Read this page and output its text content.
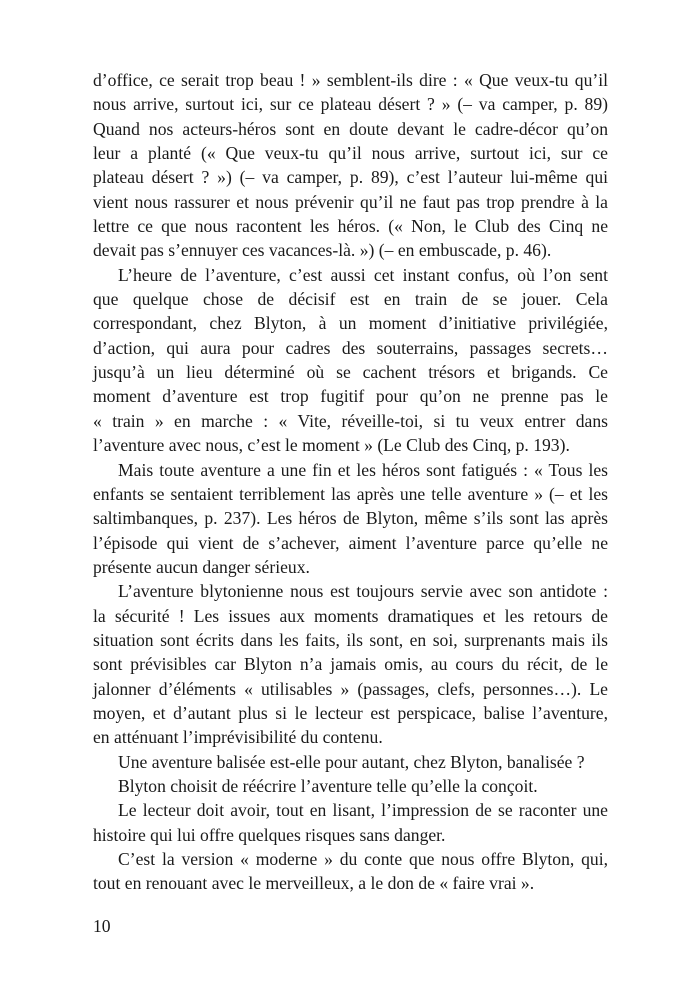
d’office, ce serait trop beau ! » semblent-ils dire : « Que veux-tu qu’il
nous arrive, surtout ici, sur ce plateau désert ? » (– va camper, p. 89)
Quand nos acteurs-héros sont en doute devant le cadre-décor qu’on
leur a planté (« Que veux-tu qu’il nous arrive, surtout ici, sur ce
plateau désert ? ») (– va camper, p. 89), c’est l’auteur lui-même qui
vient nous rassurer et nous prévenir qu’il ne faut pas trop prendre à la
lettre ce que nous racontent les héros. (« Non, le Club des Cinq ne
devait pas s’ennuyer ces vacances-là. ») (– en embuscade, p. 46).
L’heure de l’aventure, c’est aussi cet instant confus, où l’on sent
que quelque chose de décisif est en train de se jouer. Cela
correspondant, chez Blyton, à un moment d’initiative privilégiée,
d’action, qui aura pour cadres des souterrains, passages secrets…
jusqu’à un lieu déterminé où se cachent trésors et brigands. Ce
moment d’aventure est trop fugitif pour qu’on ne prenne pas le
« train » en marche : « Vite, réveille-toi, si tu veux entrer dans
l’aventure avec nous, c’est le moment » (Le Club des Cinq, p. 193).
Mais toute aventure a une fin et les héros sont fatigués : « Tous les
enfants se sentaient terriblement las après une telle aventure » (– et les
saltimbanques, p. 237). Les héros de Blyton, même s’ils sont las après
l’épisode qui vient de s’achever, aiment l’aventure parce qu’elle ne
présente aucun danger sérieux.
L’aventure blytonienne nous est toujours servie avec son antidote :
la sécurité ! Les issues aux moments dramatiques et les retours de
situation sont écrits dans les faits, ils sont, en soi, surprenants mais ils
sont prévisibles car Blyton n’a jamais omis, au cours du récit, de le
jalonner d’éléments « utilisables » (passages, clefs, personnes…). Le
moyen, et d’autant plus si le lecteur est perspicace, balise l’aventure,
en atténuant l’imprévisibilité du contenu.
Une aventure balisée est-elle pour autant, chez Blyton, banalisée ?
Blyton choisit de réécrire l’aventure telle qu’elle la conçoit.
Le lecteur doit avoir, tout en lisant, l’impression de se raconter une
histoire qui lui offre quelques risques sans danger.
C’est la version « moderne » du conte que nous offre Blyton, qui,
tout en renouant avec le merveilleux, a le don de « faire vrai ».
10
